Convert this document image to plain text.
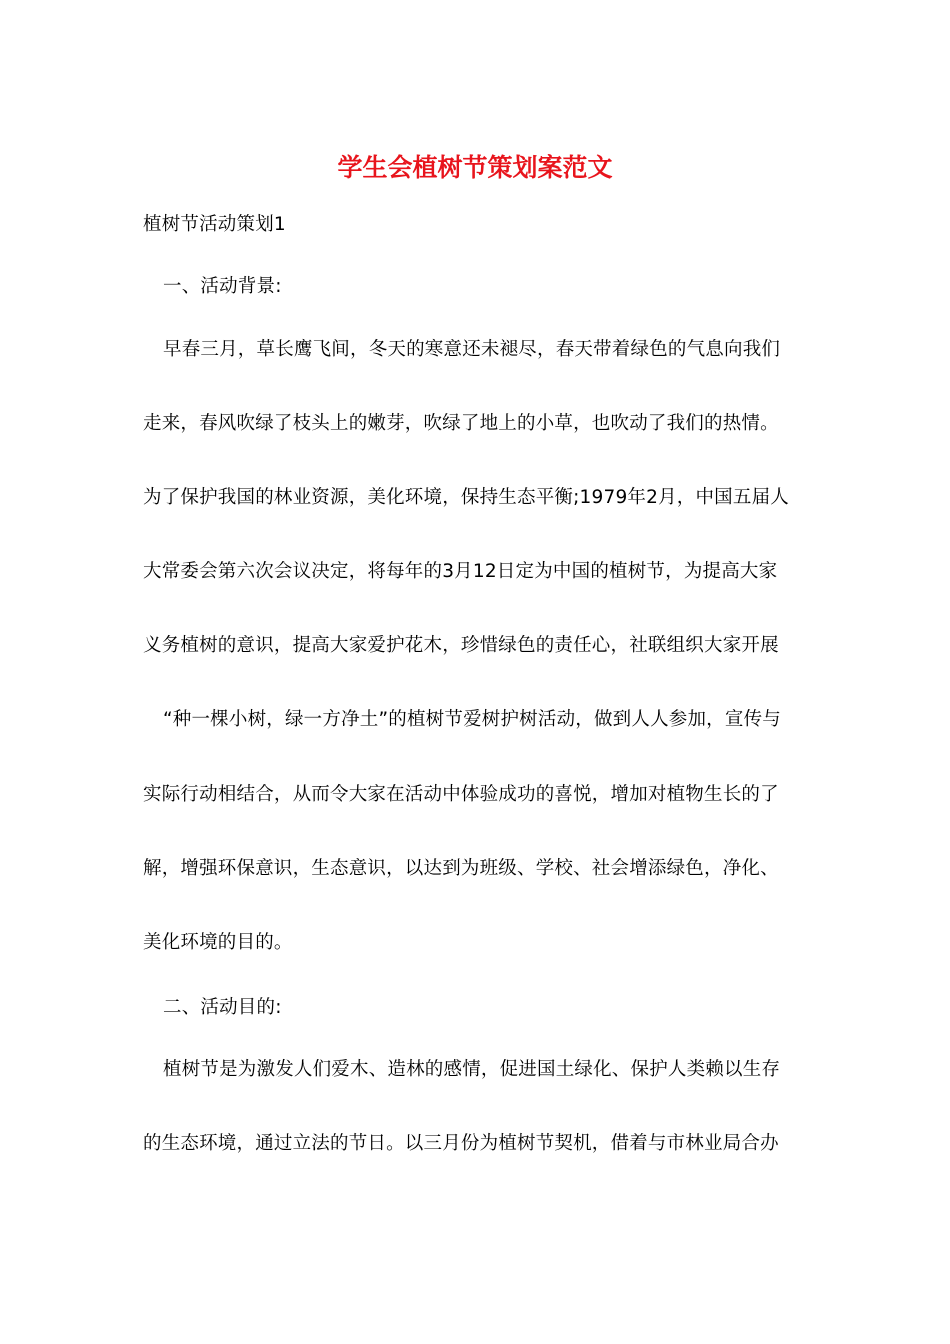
学生会植树节策划案范文
植树节活动策划1
一、活动背景:
早春三月，草长鹰飞间，冬天的寒意还未褪尽，春天带着绿色的气息向我们
走来，春风吹绿了枝头上的嫩芽，吹绿了地上的小草，也吹动了我们的热情。
为了保护我国的林业资源，美化环境，保持生态平衡;1979年2月，中国五届人
大常委会第六次会议决定，将每年的3月12日定为中国的植树节，为提高大家
义务植树的意识，提高大家爱护花木，珍惜绿色的责任心，社联组织大家开展
“种一棵小树，绿一方净土”的植树节爱树护树活动，做到人人参加，宣传与
实际行动相结合，从而令大家在活动中体验成功的喜悦，增加对植物生长的了
解，增强环保意识，生态意识，以达到为班级、学校、社会增添绿色，净化、
美化环境的目的。
二、活动目的:
植树节是为激发人们爱木、造林的感情，促进国土绿化、保护人类赖以生存
的生态环境，通过立法的节日。以三月份为植树节契机，借着与市林业局合办
